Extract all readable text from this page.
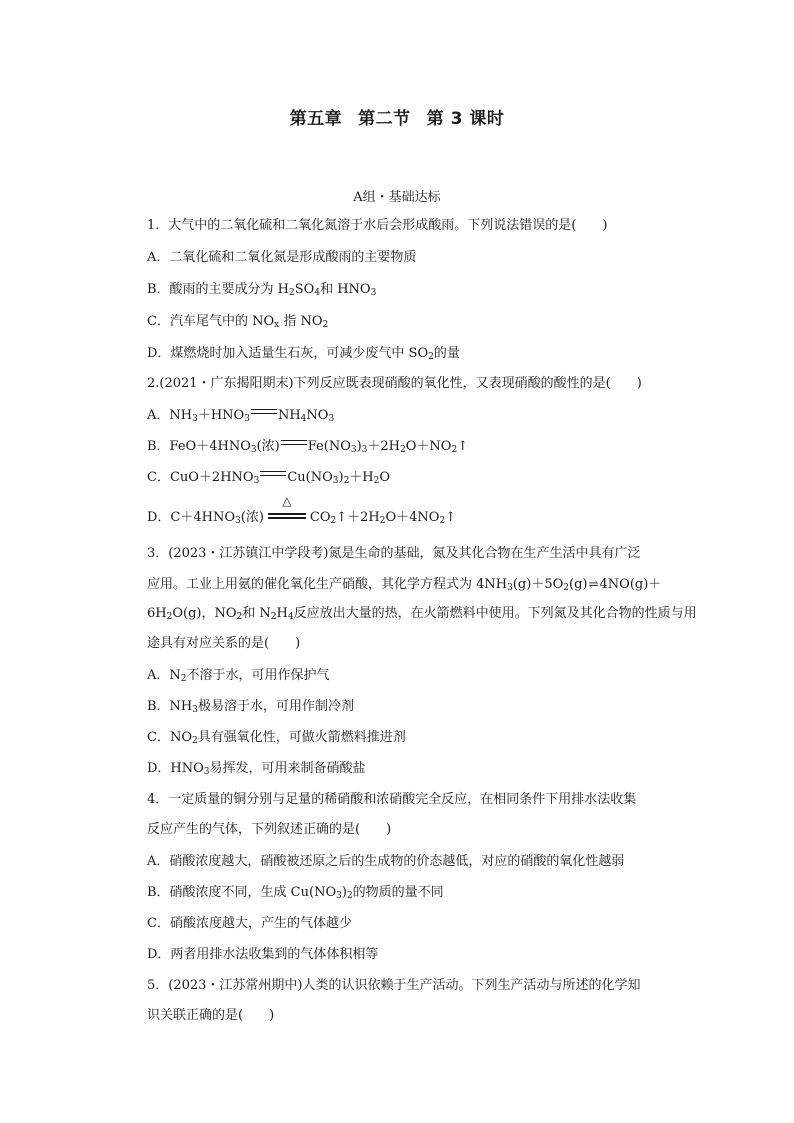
第五章 第二节 第 3 课时
A组・基础达标
1．大气中的二氧化硫和二氧化氮溶于水后会形成酸雨。下列说法错误的是(　　)
A．二氧化硫和二氧化氮是形成酸雨的主要物质
B．酸雨的主要成分为 $H_2SO_4$和 $HNO_3$
C．汽车尾气中的 $NO_x$ 指 $NO_2$
D．煤燃烧时加入适量生石灰，可减少废气中 $SO_2$的量
2.(2021・广东揭阳期末)下列反应既表现硝酸的氧化性，又表现硝酸的酸性的是(　　)
A．$NH_3+HNO_3$ $NH_4NO_3$
B．$FeO+4HNO_3$(浓) $Fe(NO_3)_3+2H_2O+NO_2↑$
C．$CuO+2HNO_3$ $Cu(NO_3)_2+H_2O$
D．$C+4HNO_3$(浓)
△
$CO_2↑+2H_2O+4NO_2↑$
3．(2023・江苏镇江中学段考)氮是生命的基础，氮及其化合物在生产生活中具有广泛
应用。工业上用氨的催化氧化生产硝酸，其化学方程式为 $4NH_3(g)+5O_2(g)\rightleftharpoons 4NO(g)+$
$6H_2O(g)$，$NO_2$和 $N_2H_4$反应放出大量的热，在火箭燃料中使用。下列氮及其化合物的性质与用
途具有对应关系的是(　　)
A．$N_2$不溶于水，可用作保护气
B．$NH_3$极易溶于水，可用作制冷剂
C．$NO_2$具有强氧化性，可做火箭燃料推进剂
D．$HNO_3$易挥发，可用来制备硝酸盐
4．一定质量的铜分别与足量的稀硝酸和浓硝酸完全反应，在相同条件下用排水法收集
反应产生的气体，下列叙述正确的是(　　)
A．硝酸浓度越大，硝酸被还原之后的生成物的价态越低，对应的硝酸的氧化性越弱
B．硝酸浓度不同，生成 $Cu(NO_3)_2$的物质的量不同
C．硝酸浓度越大，产生的气体越少
D．两者用排水法收集到的气体体积相等
5．(2023・江苏常州期中)人类的认识依赖于生产活动。下列生产活动与所述的化学知
识关联正确的是(　　)
